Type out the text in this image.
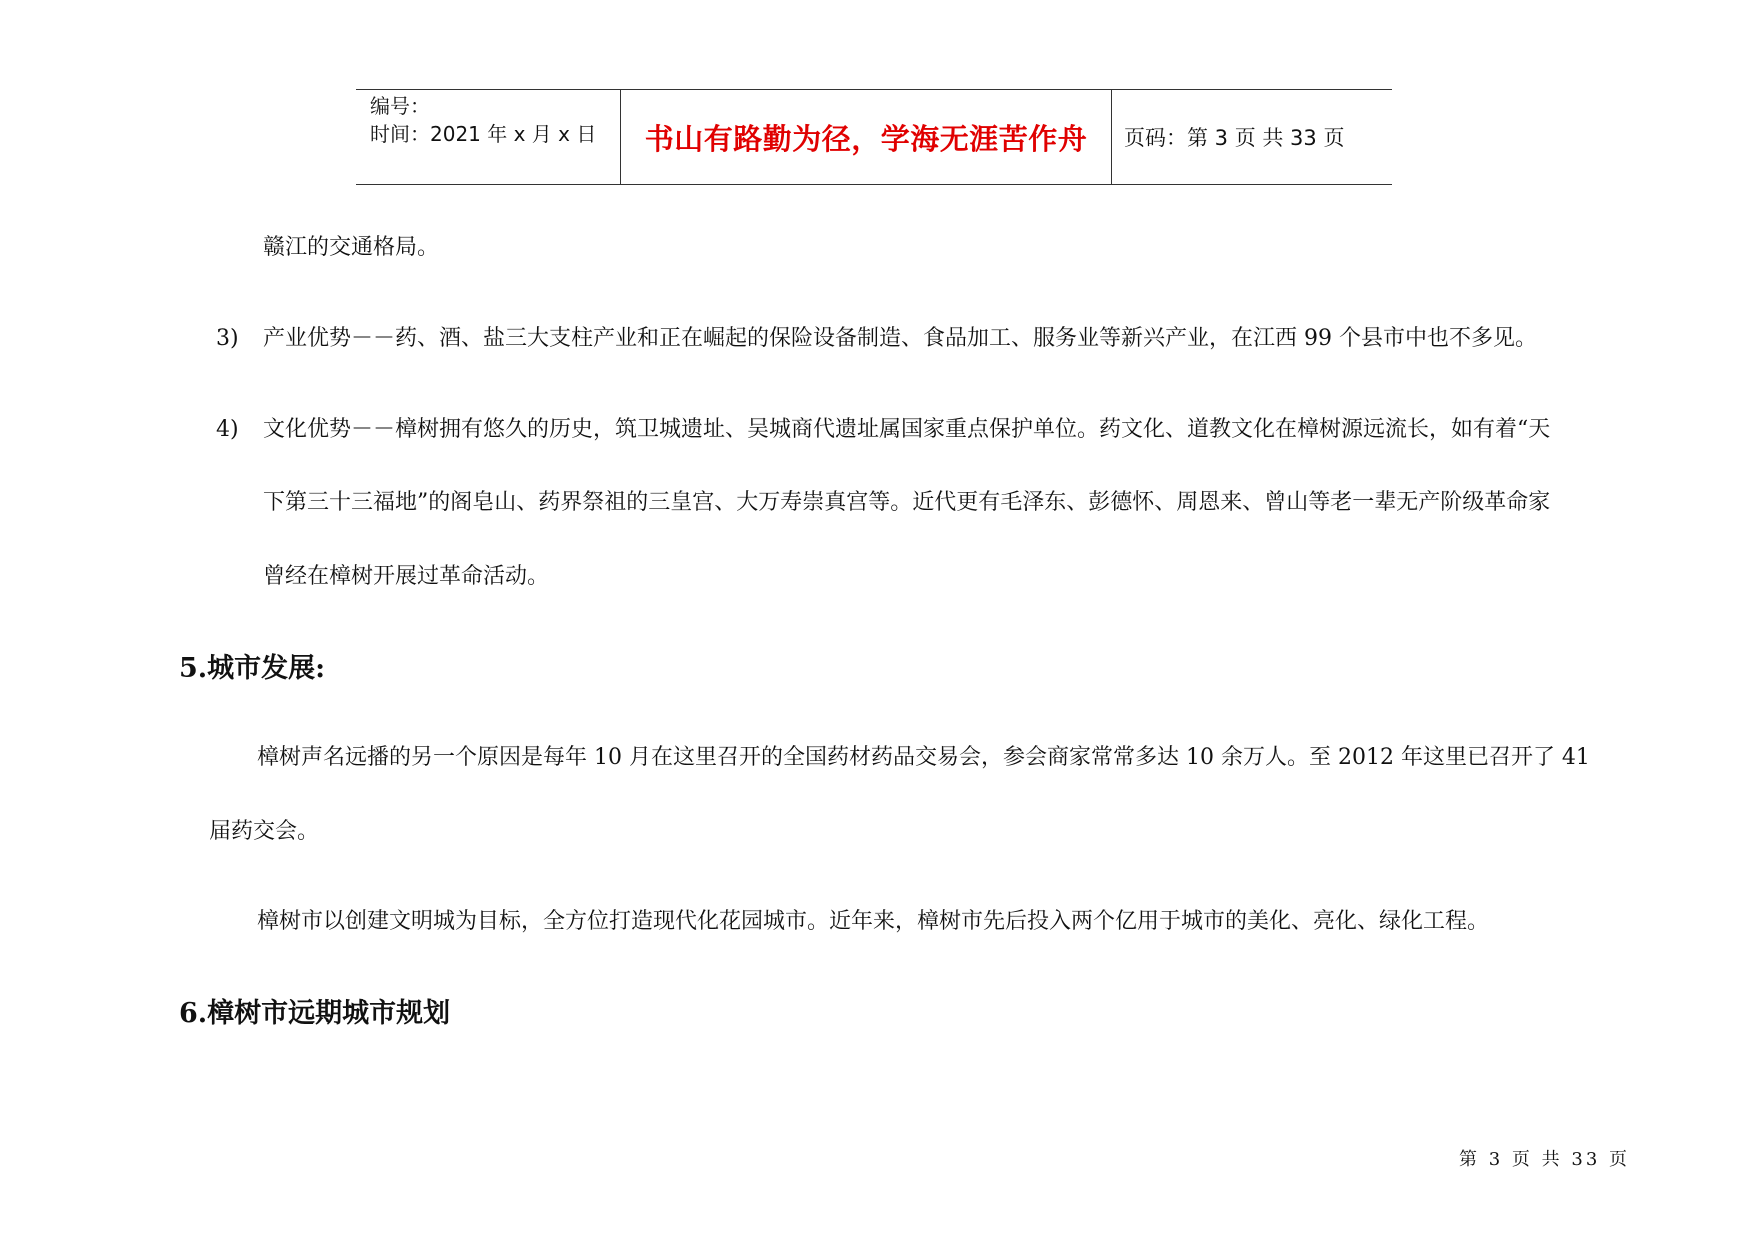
编号：
时间：2021 年 x 月 x 日	书山有路勤为径，学海无涯苦作舟	页码：第 3 页 共 33 页
赣江的交通格局。
3) 产业优势－－药、酒、盐三大支柱产业和正在崛起的保险设备制造、食品加工、服务业等新兴产业，在江西 99 个县市中也不多见。
4) 文化优势－－樟树拥有悠久的历史，筑卫城遗址、吴城商代遗址属国家重点保护单位。药文化、道教文化在樟树源远流长，如有着“天
下第三十三福地”的阁皂山、药界祭祖的三皇宫、大万寿崇真宫等。近代更有毛泽东、彭德怀、周恩来、曾山等老一辈无产阶级革命家
曾经在樟树开展过革命活动。
5.城市发展:
樟树声名远播的另一个原因是每年 10 月在这里召开的全国药材药品交易会，参会商家常常多达 10 余万人。至 2012 年这里已召开了 41
届药交会。
樟树市以创建文明城为目标，全方位打造现代化花园城市。近年来，樟树市先后投入两个亿用于城市的美化、亮化、绿化工程。
6.樟树市远期城市规划
第 3 页 共 33 页
